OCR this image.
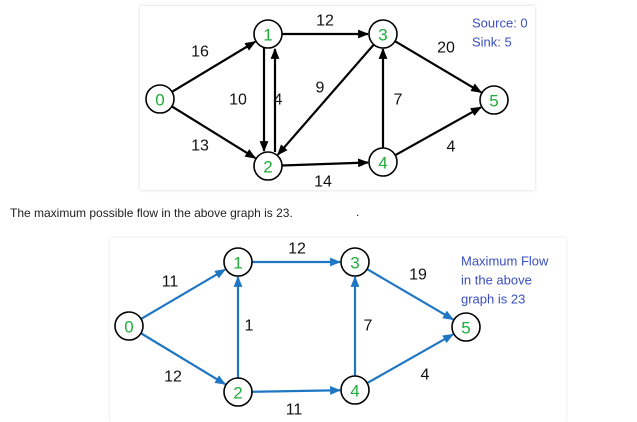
16
13
12
4
10
9
14
7
20
4
0
1
2
3
4
5
Source: 0
Sink: 5
The maximum possible flow in the above graph is 23.	.
11
12
12
1
11
7
19
4
0
1
2
3
4
5
Maximum Flow
in the above
graph is 23
